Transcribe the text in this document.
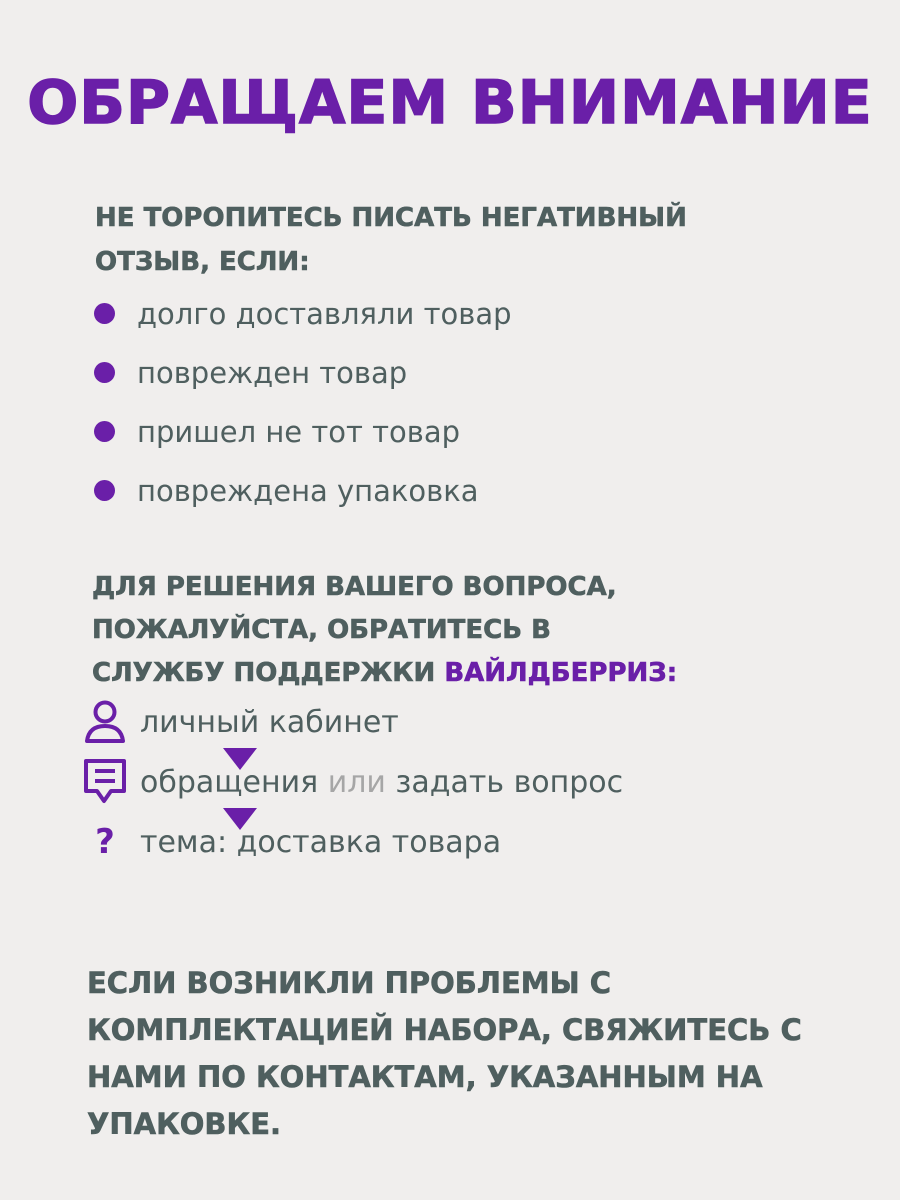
ОБРАЩАЕМ ВНИМАНИЕ
НЕ ТОРОПИТЕСЬ ПИСАТЬ НЕГАТИВНЫЙ
ОТЗЫВ, ЕСЛИ:
долго доставляли товар
поврежден товар
пришел не тот товар
повреждена упаковка
ДЛЯ РЕШЕНИЯ ВАШЕГО ВОПРОСА,
ПОЖАЛУЙСТА, ОБРАТИТЕСЬ В
СЛУЖБУ ПОДДЕРЖКИ ВАЙЛДБЕРРИЗ:
личный кабинет
обращения или задать вопрос
? тема: доставка товара
ЕСЛИ ВОЗНИКЛИ ПРОБЛЕМЫ С
КОМПЛЕКТАЦИЕЙ НАБОРА, СВЯЖИТЕСЬ С
НАМИ ПО КОНТАКТАМ, УКАЗАННЫМ НА
УПАКОВКЕ.
